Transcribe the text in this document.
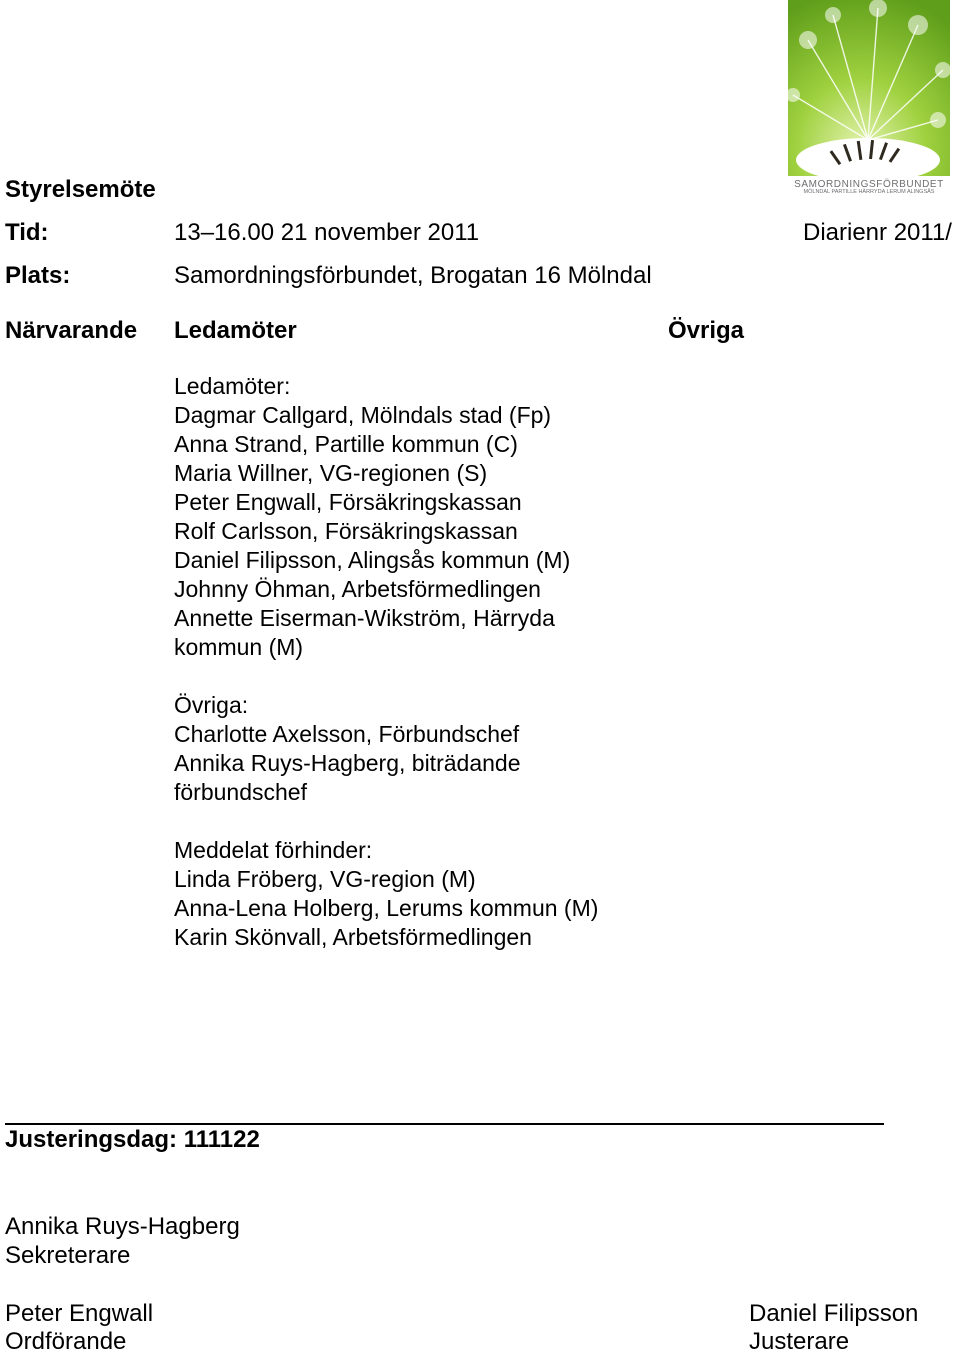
SAMORDNINGSFÖRBUNDET
MÖLNDAL PARTILLE HÄRRYDA LERUM ALINGSÅS
Styrelsemöte
Tid:	13–16.00 21 november 2011	Diarienr 2011/
Plats:	Samordningsförbundet, Brogatan 16 Mölndal
Närvarande Ledamöter	Övriga
Ledamöter:
Dagmar Callgard, Mölndals stad (Fp)
Anna Strand, Partille kommun (C)
Maria Willner, VG-regionen (S)
Peter Engwall, Försäkringskassan
Rolf Carlsson, Försäkringskassan
Daniel Filipsson, Alingsås kommun (M)
Johnny Öhman, Arbetsförmedlingen
Annette Eiserman-Wikström, Härryda
kommun (M)
Övriga:
Charlotte Axelsson, Förbundschef
Annika Ruys-Hagberg, biträdande
förbundschef
Meddelat förhinder:
Linda Fröberg, VG-region (M)
Anna-Lena Holberg, Lerums kommun (M)
Karin Skönvall, Arbetsförmedlingen
Justeringsdag: 111122
Annika Ruys-Hagberg
Sekreterare
Peter Engwall
Ordförande
Daniel Filipsson
Justerare
